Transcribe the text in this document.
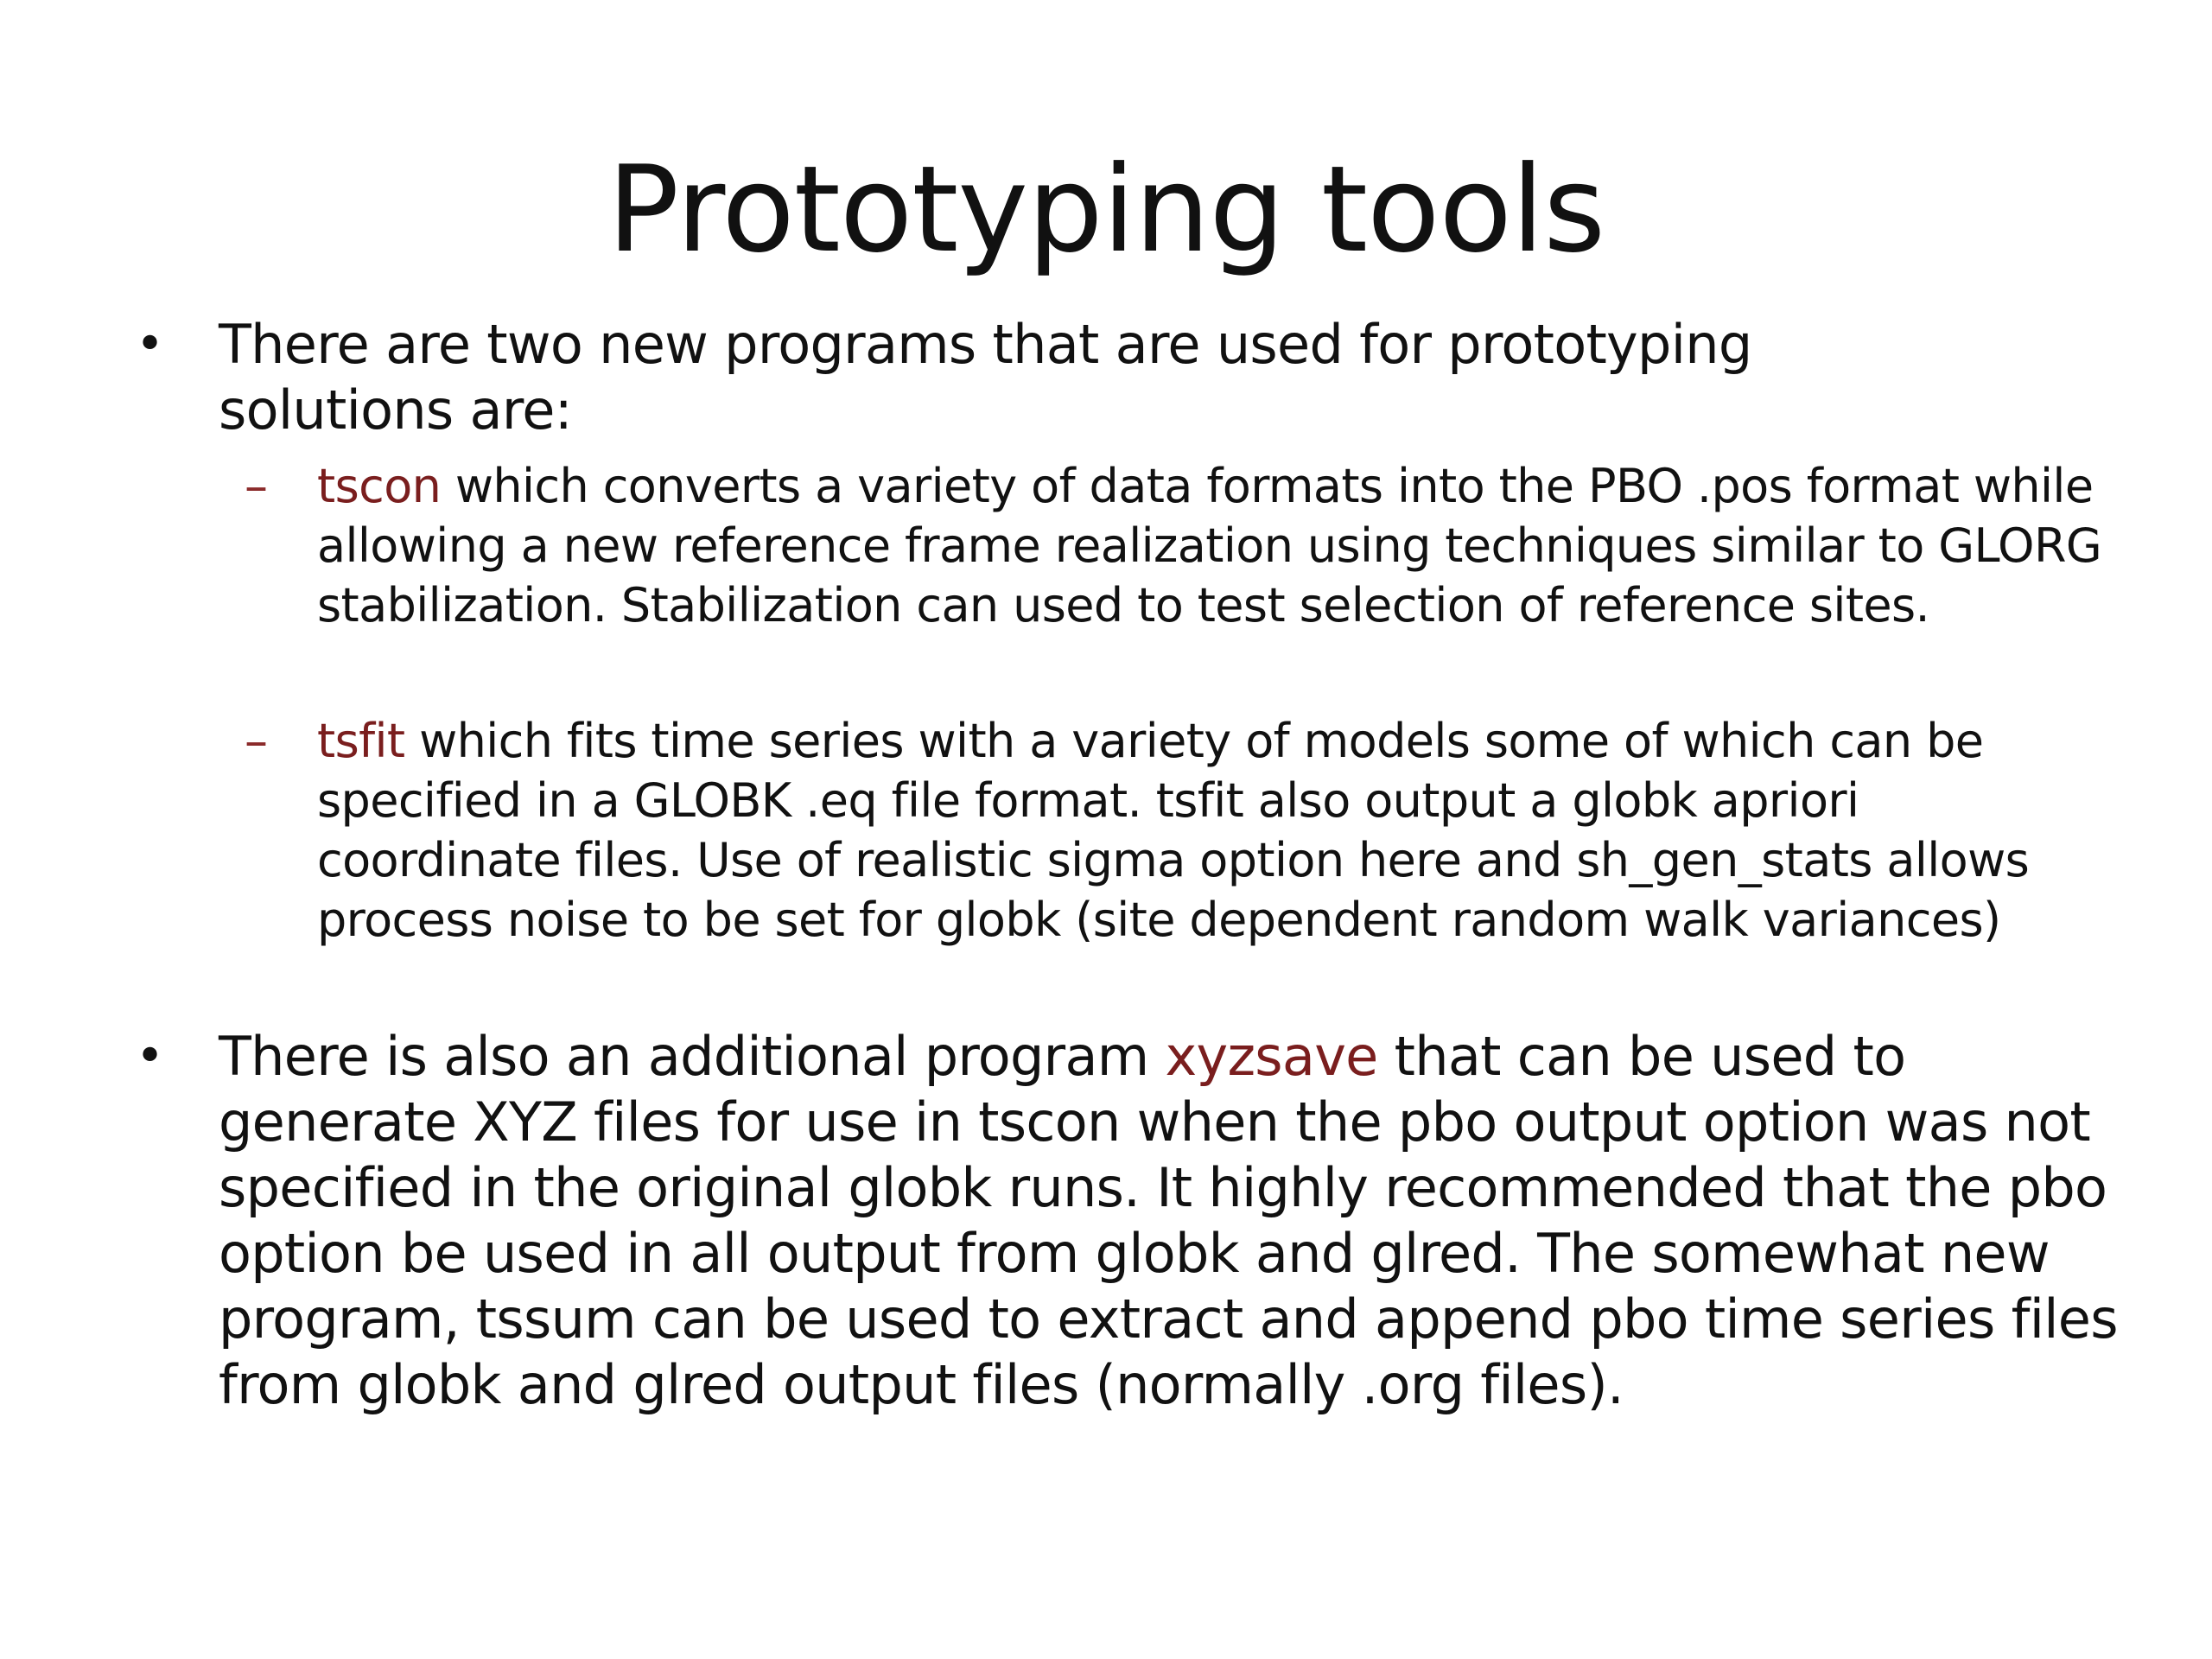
Prototyping tools
• There are two new programs that are used for prototyping solutions are:
– tscon which converts a variety of data formats into the PBO .pos format while allowing a new reference frame realization using techniques similar to GLORG stabilization. Stabilization can used to test selection of reference sites.
– tsfit which fits time series with a variety of models some of which can be specified in a GLOBK .eq file format. tsfit also output a globk apriori coordinate files. Use of realistic sigma option here and sh_gen_stats allows process noise to be set for globk (site dependent random walk variances)
• There is also an additional program xyzsave that can be used to generate XYZ files for use in tscon when the pbo output option was not specified in the original globk runs. It highly recommended that the pbo option be used in all output from globk and glred. The somewhat new program, tssum can be used to extract and append pbo time series files from globk and glred output files (normally .org files).
